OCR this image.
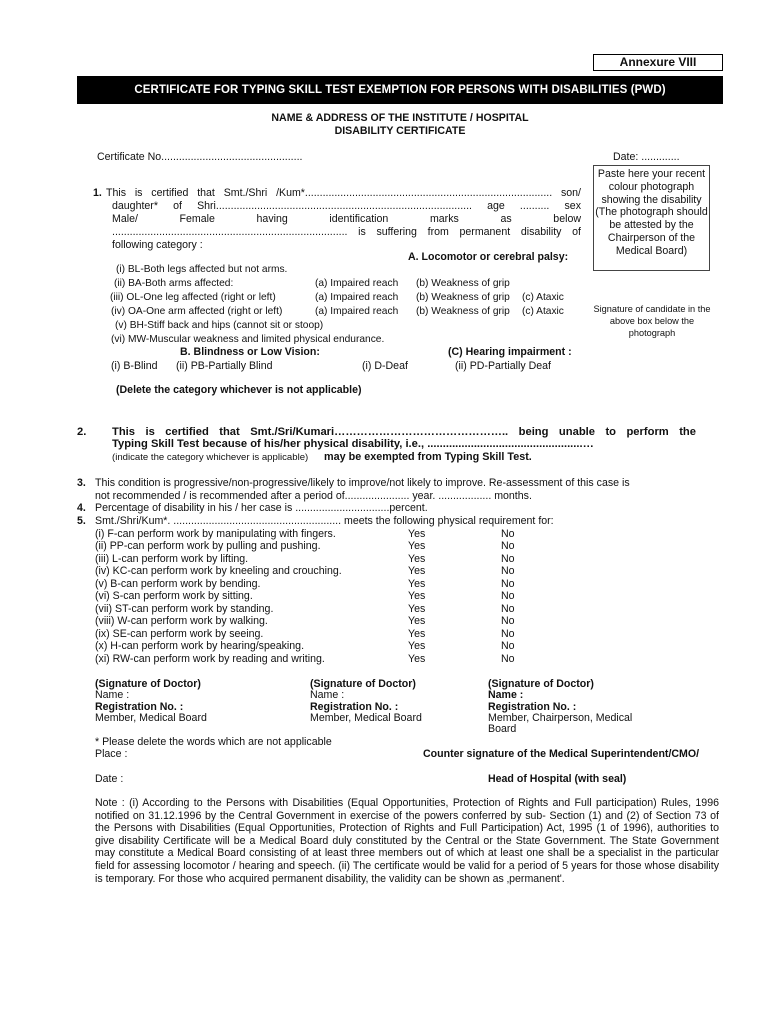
Annexure VIII
CERTIFICATE FOR TYPING SKILL TEST EXEMPTION FOR PERSONS WITH DISABILITIES (PWD)
NAME & ADDRESS OF THE INSTITUTE / HOSPITAL
DISABILITY CERTIFICATE
Certificate No................................................	Date: .............
Paste here your recent colour photograph showing the disability (The photograph should be attested by the Chairperson of the Medical Board)
Signature of candidate in the above box below the photograph
1. This is certified that Smt./Shri /Kum*.................................................................................... son/
daughter* of Shri....................................................................................... age .......... sex
Male/ Female having identification marks as below
................................................................................ is suffering from permanent disability of
following category :
A. Locomotor or cerebral palsy:
(i) BL-Both legs affected but not arms.
(ii) BA-Both arms affected:	(a) Impaired reach (b) Weakness of grip
(iii) OL-One leg affected (right or left)	(a) Impaired reach (b) Weakness of grip (c) Ataxic
(iv) OA-One arm affected (right or left)	(a) Impaired reach (b) Weakness of grip (c) Ataxic
(v) BH-Stiff back and hips (cannot sit or stoop)
(vi) MW-Muscular weakness and limited physical endurance.
B. Blindness or Low Vision:	(C) Hearing impairment :
(i) B-Blind (ii) PB-Partially Blind	(i) D-Deaf	(ii) PD-Partially Deaf
(Delete the category whichever is not applicable)
2. This is certified that Smt./Sri/Kumari……………………………………….. being unable to perform the
Typing Skill Test because of his/her physical disability, i.e., ..................................................…
(indicate the category whichever is applicable) may be exempted from Typing Skill Test.
3. This condition is progressive/non-progressive/likely to improve/not likely to improve. Re-assessment of this case is
not recommended / is recommended after a period of...................... year. .................. months.
4. Percentage of disability in his / her case is ................................percent.
5. Smt./Shri/Kum*. ......................................................... meets the following physical requirement for:
(i) F-can perform work by manipulating with fingers.	Yes	No
(ii) PP-can perform work by pulling and pushing.	Yes	No
(iii) L-can perform work by lifting.	Yes	No
(iv) KC-can perform work by kneeling and crouching.	Yes	No
(v) B-can perform work by bending.	Yes	No
(vi) S-can perform work by sitting.	Yes	No
(vii) ST-can perform work by standing.	Yes	No
(viii) W-can perform work by walking.	Yes	No
(ix) SE-can perform work by seeing.	Yes	No
(x) H-can perform work by hearing/speaking.	Yes	No
(xi) RW-can perform work by reading and writing.	Yes	No
(Signature of Doctor)
Name :
Registration No. :
Member, Medical Board
(Signature of Doctor)
Name :
Registration No. :
Member, Medical Board
(Signature of Doctor)
Name :
Registration No. :
Member, Chairperson, Medical
Board
* Please delete the words which are not applicable
Place :	Counter signature of the Medical Superintendent/CMO/
Date :	Head of Hospital (with seal)
Note : (i) According to the Persons with Disabilities (Equal Opportunities, Protection of Rights and Full participation) Rules, 1996 notified on 31.12.1996 by the Central Government in exercise of the powers conferred by sub- Section (1) and (2) of Section 73 of the Persons with Disabilities (Equal Opportunities, Protection of Rights and Full Participation) Act, 1995 (1 of 1996), authorities to give disability Certificate will be a Medical Board duly constituted by the Central or the State Government. The State Government may constitute a Medical Board consisting of at least three members out of which at least one shall be a specialist in the particular field for assessing locomotor / hearing and speech. (ii) The certificate would be valid for a period of 5 years for those whose disability is temporary. For those who acquired permanent disability, the validity can be shown as ‚permanent'.
